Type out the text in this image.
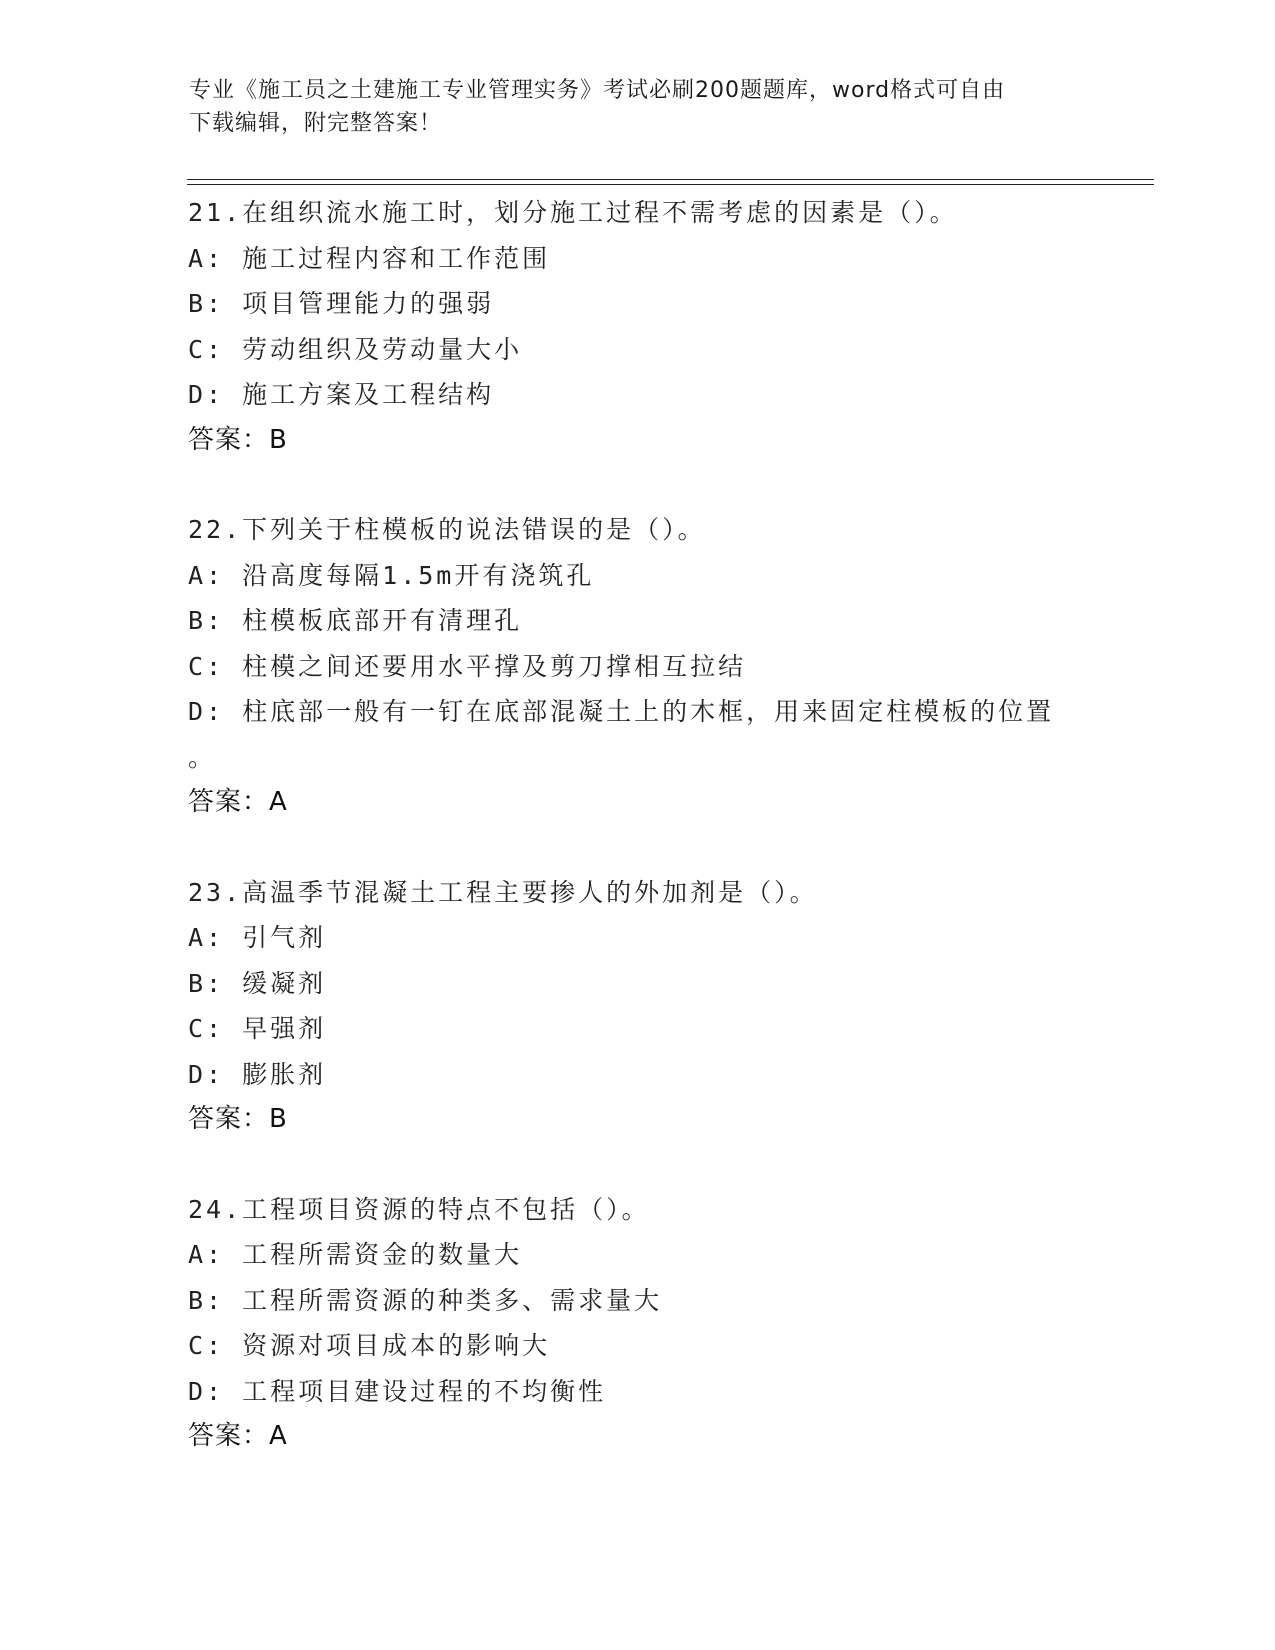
专业《施工员之土建施工专业管理实务》考试必刷200题题库，word格式可自由
下载编辑，附完整答案！
21.在组织流水施工时，划分施工过程不需考虑的因素是（）。
A: 施工过程内容和工作范围
B: 项目管理能力的强弱
C: 劳动组织及劳动量大小
D: 施工方案及工程结构
答案：B
22.下列关于柱模板的说法错误的是（）。
A: 沿高度每隔1.5m开有浇筑孔
B: 柱模板底部开有清理孔
C: 柱模之间还要用水平撑及剪刀撑相互拉结
D: 柱底部一般有一钉在底部混凝土上的木框，用来固定柱模板的位置
。
答案：A
23.高温季节混凝土工程主要掺人的外加剂是（）。
A: 引气剂
B: 缓凝剂
C: 早强剂
D: 膨胀剂
答案：B
24.工程项目资源的特点不包括（）。
A: 工程所需资金的数量大
B: 工程所需资源的种类多、需求量大
C: 资源对项目成本的影响大
D: 工程项目建设过程的不均衡性
答案：A
